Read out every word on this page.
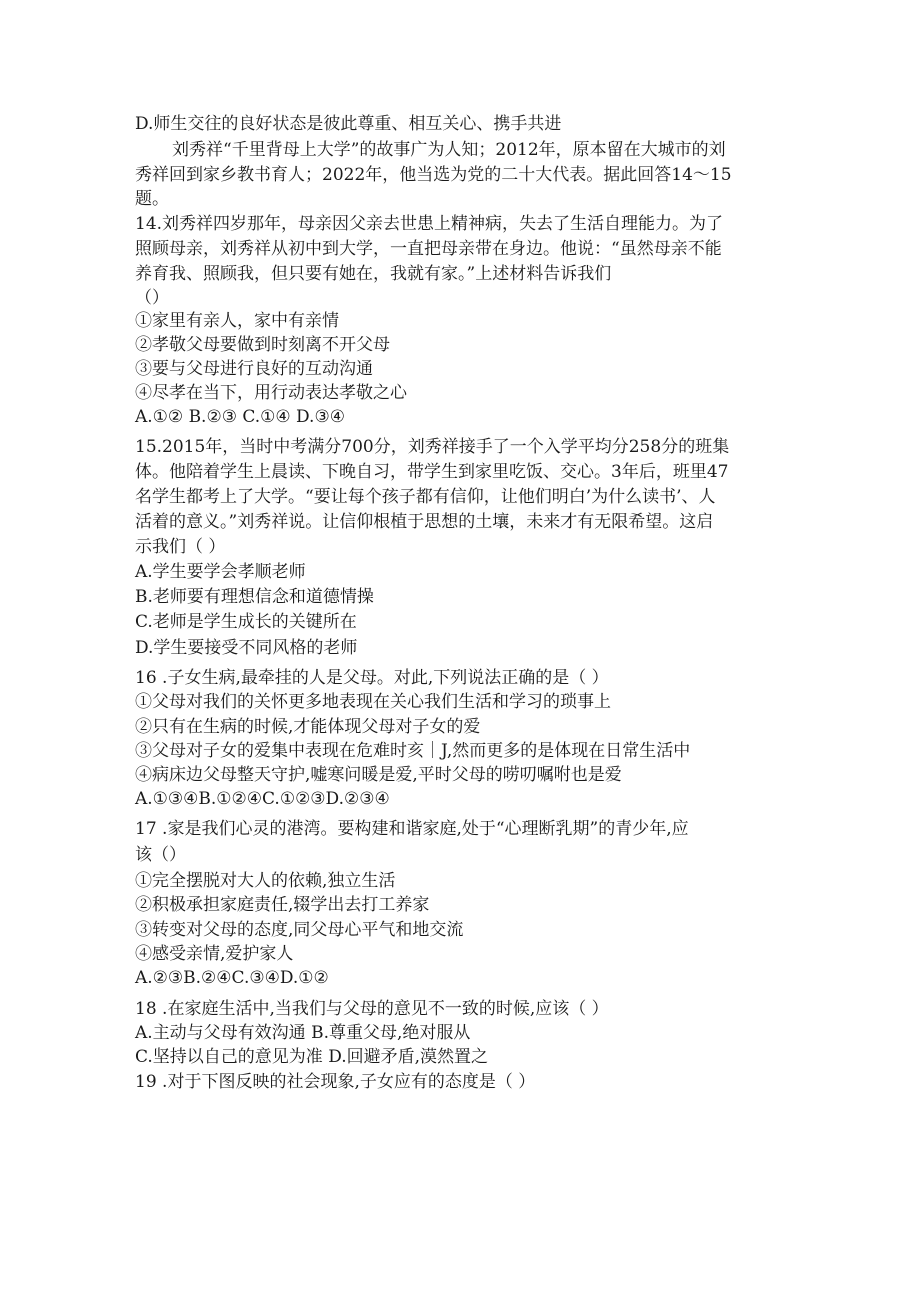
D.师生交往的良好状态是彼此尊重、相互关心、携手共进
刘秀祥“千里背母上大学”的故事广为人知；2012年，原本留在大城市的刘
秀祥回到家乡教书育人；2022年，他当选为党的二十大代表。据此回答14～15
题。
14.刘秀祥四岁那年，母亲因父亲去世患上精神病，失去了生活自理能力。为了
照顾母亲，刘秀祥从初中到大学，一直把母亲带在身边。他说：“虽然母亲不能
养育我、照顾我，但只要有她在，我就有家。”上述材料告诉我们
（）
①家里有亲人，家中有亲情
②孝敬父母要做到时刻离不开父母
③要与父母进行良好的互动沟通
④尽孝在当下，用行动表达孝敬之心
A.①② B.②③ C.①④ D.③④
15.2015年，当时中考满分700分，刘秀祥接手了一个入学平均分258分的班集
体。他陪着学生上晨读、下晚自习，带学生到家里吃饭、交心。3年后，班里47
名学生都考上了大学。“要让每个孩子都有信仰，让他们明白’为什么读书’、人
活着的意义。”刘秀祥说。让信仰根植于思想的土壤，未来才有无限希望。这启
示我们（ ）
A.学生要学会孝顺老师
B.老师要有理想信念和道德情操
C.老师是学生成长的关键所在
D.学生要接受不同风格的老师
16 .子女生病,最牵挂的人是父母。对此,下列说法正确的是（ ）
①父母对我们的关怀更多地表现在关心我们生活和学习的琐事上
②只有在生病的时候,才能体现父母对子女的爱
③父母对子女的爱集中表现在危难时亥｜J,然而更多的是体现在日常生活中
④病床边父母整天守护,嘘寒问暖是爱,平时父母的唠叨嘱咐也是爱
A.①③④B.①②④C.①②③D.②③④
17 .家是我们心灵的港湾。要构建和谐家庭,处于“心理断乳期”的青少年,应
该（）
①完全摆脱对大人的依赖,独立生活
②积极承担家庭责任,辍学出去打工养家
③转变对父母的态度,同父母心平气和地交流
④感受亲情,爱护家人
A.②③B.②④C.③④D.①②
18 .在家庭生活中,当我们与父母的意见不一致的时候,应该（ ）
A.主动与父母有效沟通 B.尊重父母,绝对服从
C.坚持以自己的意见为准 D.回避矛盾,漠然置之
19 .对于下图反映的社会现象,子女应有的态度是（ ）
